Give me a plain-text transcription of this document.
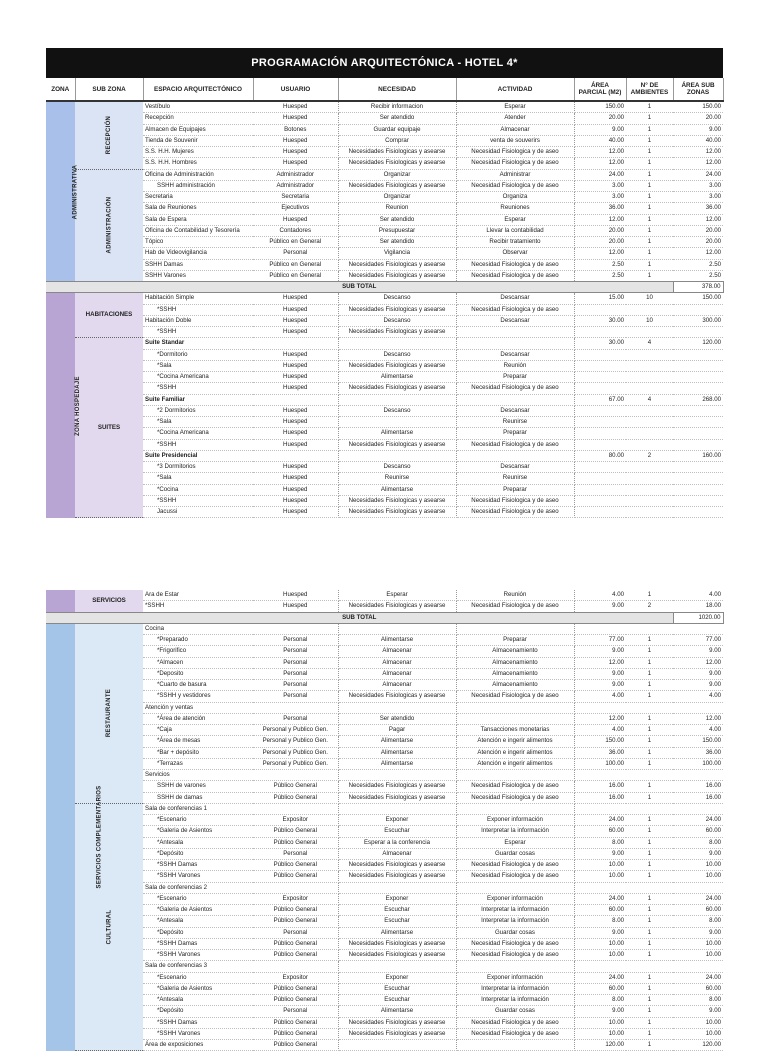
PROGRAMACIÓN ARQUITECTÓNICA - HOTEL 4*								
ZONA	SUB ZONA	ESPACIO ARQUITECTÓNICO	USUARIO	NECESIDAD	ACTIVIDAD	ÁREA PARCIAL (M2)	N° DE AMBIENTES	ÁREA SUB ZONAS
ADMINISTRATIVA	RECEPCIÓN	Vestíbulo	Huesped	Recibir informacion	Esperar	150.00	1	150.00
		Recepción	Huesped	Ser atendido	Atender	20.00	1	20.00
		Almacen de Equipajes	Botones	Guardar equipaje	Almacenar	9.00	1	9.00
		Tienda de Souvenir	Huesped	Comprar	venta de souverirs	40.00	1	40.00
		S.S. H.H. Mujeres	Huesped	Necesidades Fisiologicas y asearse	Necesidad Fisiologica y de aseo	12.00	1	12.00
		S.S. H.H. Hombres	Huesped	Necesidades Fisiologicas y asearse	Necesidad Fisiologica y de aseo	12.00	1	12.00
	ADMINISTRACIÓN	Oficina de Administración	Administrador	Organizar	Administrar	24.00	1	24.00
		SSHH administración	Administrador	Necesidades Fisiologicas y asearse	Necesidad Fisiologica y de aseo	3.00	1	3.00
		Secretaria	Secretaria	Organizar	Organiza	3.00	1	3.00
		Sala de Reuniones	Ejecutivos	Reunion	Reuniones	36.00	1	36.00
		Sala de Espera	Huesped	Ser atendido	Esperar	12.00	1	12.00
		Oficina de Contabilidad y Tesorería	Contadores	Presupuestar	Llevar la contabilidad	20.00	1	20.00
		Tópico	Público en General	Ser atendido	Recibir tratamiento	20.00	1	20.00
		Hab de Videovigilancia	Personal	Vigilancia	Observar	12.00	1	12.00
		SSHH Damas	Público en General	Necesidades Fisiologicas y asearse	Necesidad Fisiologica y de aseo	2.50	1	2.50
		SSHH Varones	Público en General	Necesidades Fisiologicas y asearse	Necesidad Fisiologica y de aseo	2.50	1	2.50
SUB TOTAL								378.00
ZONA HOSPEDAJE	HABITACIONES	Habitación Simple	Huesped	Descanso	Descansar	15.00	10	150.00
		*SSHH	Huesped	Necesidades Fisiologicas y asearse	Necesidad Fisiologica y de aseo			
		Habitación Doble	Huesped	Descanso	Descansar	30.00	10	300.00
		*SSHH	Huesped	Necesidades Fisiologicas y asearse				
	SUITES	Suite Standar				30.00	4	120.00
		*Dormitorio	Huesped	Descanso	Descansar			
		*Sala	Huesped	Necesidades Fisiologicas y asearse	Reunión			
		*Cocina Americana	Huesped	Alimentarse	Preparar			
		*SSHH	Huesped	Necesidades Fisiologicas y asearse	Necesidad Fisiologica y de aseo			
		Suite Familiar				67.00	4	268.00
		*2 Dormitorios	Huesped	Descanso	Descansar			
		*Sala	Huesped		Reunirse			
		*Cocina Americana	Huesped	Alimentarse	Preparar			
		*SSHH	Huesped	Necesidades Fisiologicas y asearse	Necesidad Fisiologica y de aseo			
		Suite Presidencial				80.00	2	160.00
		*3 Dormitorios	Huesped	Descanso	Descansar			
		*Sala	Huesped	Reunirse	Reunirse			
		*Cocina	Huesped	Alimentarse	Preparar			
		*SSHH	Huesped	Necesidades Fisiologicas y asearse	Necesidad Fisiologica y de aseo			
		Jacussi	Huesped	Necesidades Fisiologicas y asearse	Necesidad Fisiologica y de aseo			
	SERVICIOS	Ara de Estar	Huesped	Esperar	Reunión	4.00	1	4.00
		*SSHH	Huesped	Necesidades Fisiologicas y asearse	Necesidad Fisiologica y de aseo	9.00	2	18.00
SUB TOTAL								1020.00
SERVICIOS COMPLEMENTARIOS	RESTAURANTE	Cocina						
		*Preparado	Personal	Alimentarse	Preparar	77.00	1	77.00
		*Frigorifico	Personal	Almacenar	Almacenamiento	9.00	1	9.00
		*Almacen	Personal	Almacenar	Almacenamiento	12.00	1	12.00
		*Deposito	Personal	Almacenar	Almacenamiento	9.00	1	9.00
		*Cuarto de basura	Personal	Almacenar	Almacenamiento	9.00	1	9.00
		*SSHH y vestidores	Personal	Necesidades Fisiologicas y asearse	Necesidad Fisiologica y de aseo	4.00	1	4.00
		Atención y ventas						
		*Área de atención	Personal	Ser atendido		12.00	1	12.00
		*Caja	Personal y Publico Gen.	Pagar	Tansacciones monetarias	4.00	1	4.00
		*Área de mesas	Personal y Publico Gen.	Alimentarse	Atención e ingerir alimentos	150.00	1	150.00
		*Bar + depósito	Personal y Publico Gen.	Alimentarse	Atención e ingerir alimentos	36.00	1	36.00
		*Terrazas	Personal y Publico Gen.	Alimentarse	Atención e ingerir alimentos	100.00	1	100.00
		Servicios						
		SSHH de varones	Público General	Necesidades Fisiologicas y asearse	Necesidad Fisiologica y de aseo	16.00	1	16.00
		SSHH de damas	Público General	Necesidades Fisiologicas y asearse	Necesidad Fisiologica y de aseo	16.00	1	16.00
	CULTURAL	Sala de conferencias 1						
		*Escenario	Expositor	Exponer	Exponer información	24.00	1	24.00
		*Galeria de Asientos	Público General	Escuchar	Interpretar la información	60.00	1	60.00
		*Antesala	Público General	Esperar a la conferencia	Esperar	8.00	1	8.00
		*Depósito	Personal	Almacenar	Guardar cosas	9.00	1	9.00
		*SSHH Damas	Público General	Necesidades Fisiologicas y asearse	Necesidad Fisiologica y de aseo	10.00	1	10.00
		*SSHH Varones	Público General	Necesidades Fisiologicas y asearse	Necesidad Fisiologica y de aseo	10.00	1	10.00
		Sala de conferencias 2						
		*Escenario	Expositor	Exponer	Exponer información	24.00	1	24.00
		*Galeria de Asientos	Público General	Escuchar	Interpretar la información	60.00	1	60.00
		*Antesala	Público General	Escuchar	Interpretar la información	8.00	1	8.00
		*Depósito	Personal	Alimentarse	Guardar cosas	9.00	1	9.00
		*SSHH Damas	Público General	Necesidades Fisiologicas y asearse	Necesidad Fisiologica y de aseo	10.00	1	10.00
		*SSHH Varones	Público General	Necesidades Fisiologicas y asearse	Necesidad Fisiologica y de aseo	10.00	1	10.00
		Sala de conferencias 3						
		*Escenario	Expositor	Exponer	Exponer información	24.00	1	24.00
		*Galeria de Asientos	Público General	Escuchar	Interpretar la información	60.00	1	60.00
		*Antesala	Público General	Escuchar	Interpretar la información	8.00	1	8.00
		*Depósito	Personal	Alimentarse	Guardar cosas	9.00	1	9.00
		*SSHH Damas	Público General	Necesidades Fisiologicas y asearse	Necesidad Fisiologica y de aseo	10.00	1	10.00
		*SSHH Varones	Público General	Necesidades Fisiologicas y asearse	Necesidad Fisiologica y de aseo	10.00	1	10.00
		Área de exposiciones	Público General			120.00	1	120.00
